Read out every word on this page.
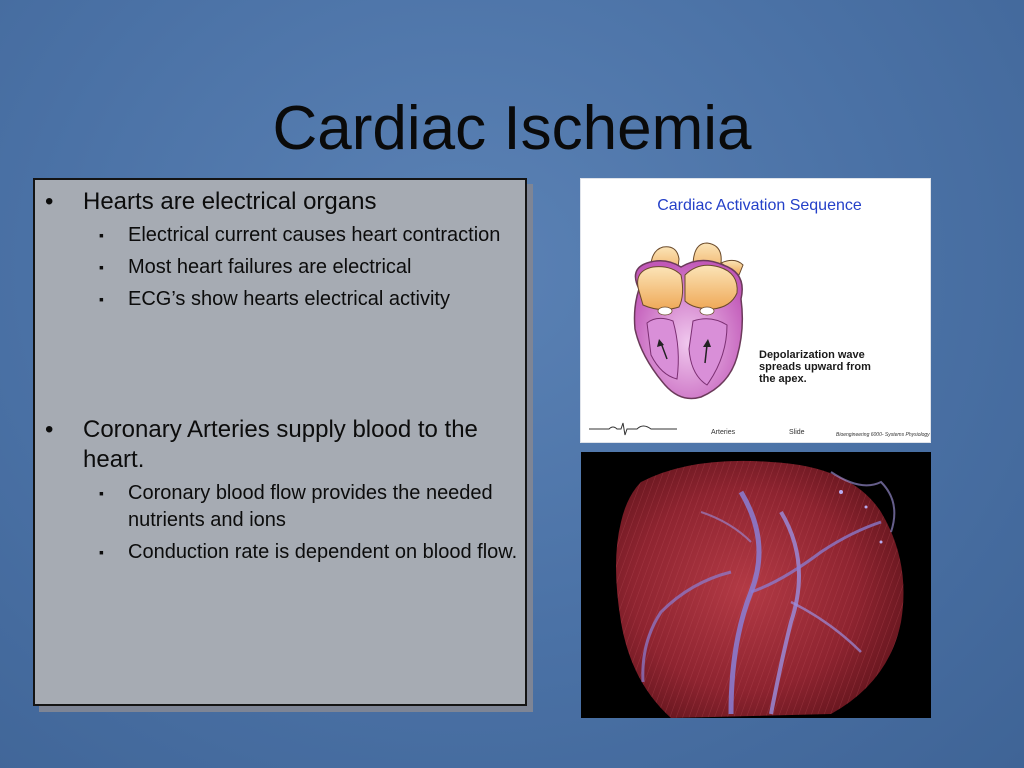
Cardiac Ischemia
• Hearts are electrical organs
▪ Electrical current causes heart contraction
▪ Most heart failures are electrical
▪ ECG’s show hearts electrical activity
• Coronary Arteries supply blood to the heart.
▪ Coronary blood flow provides the needed nutrients and ions
▪ Conduction rate is dependent on blood flow.
Cardiac Activation Sequence
Depolarization wave
spreads upward from
the apex.
Arteries	Slide	Bioengineering 6000- Systems Physiology
